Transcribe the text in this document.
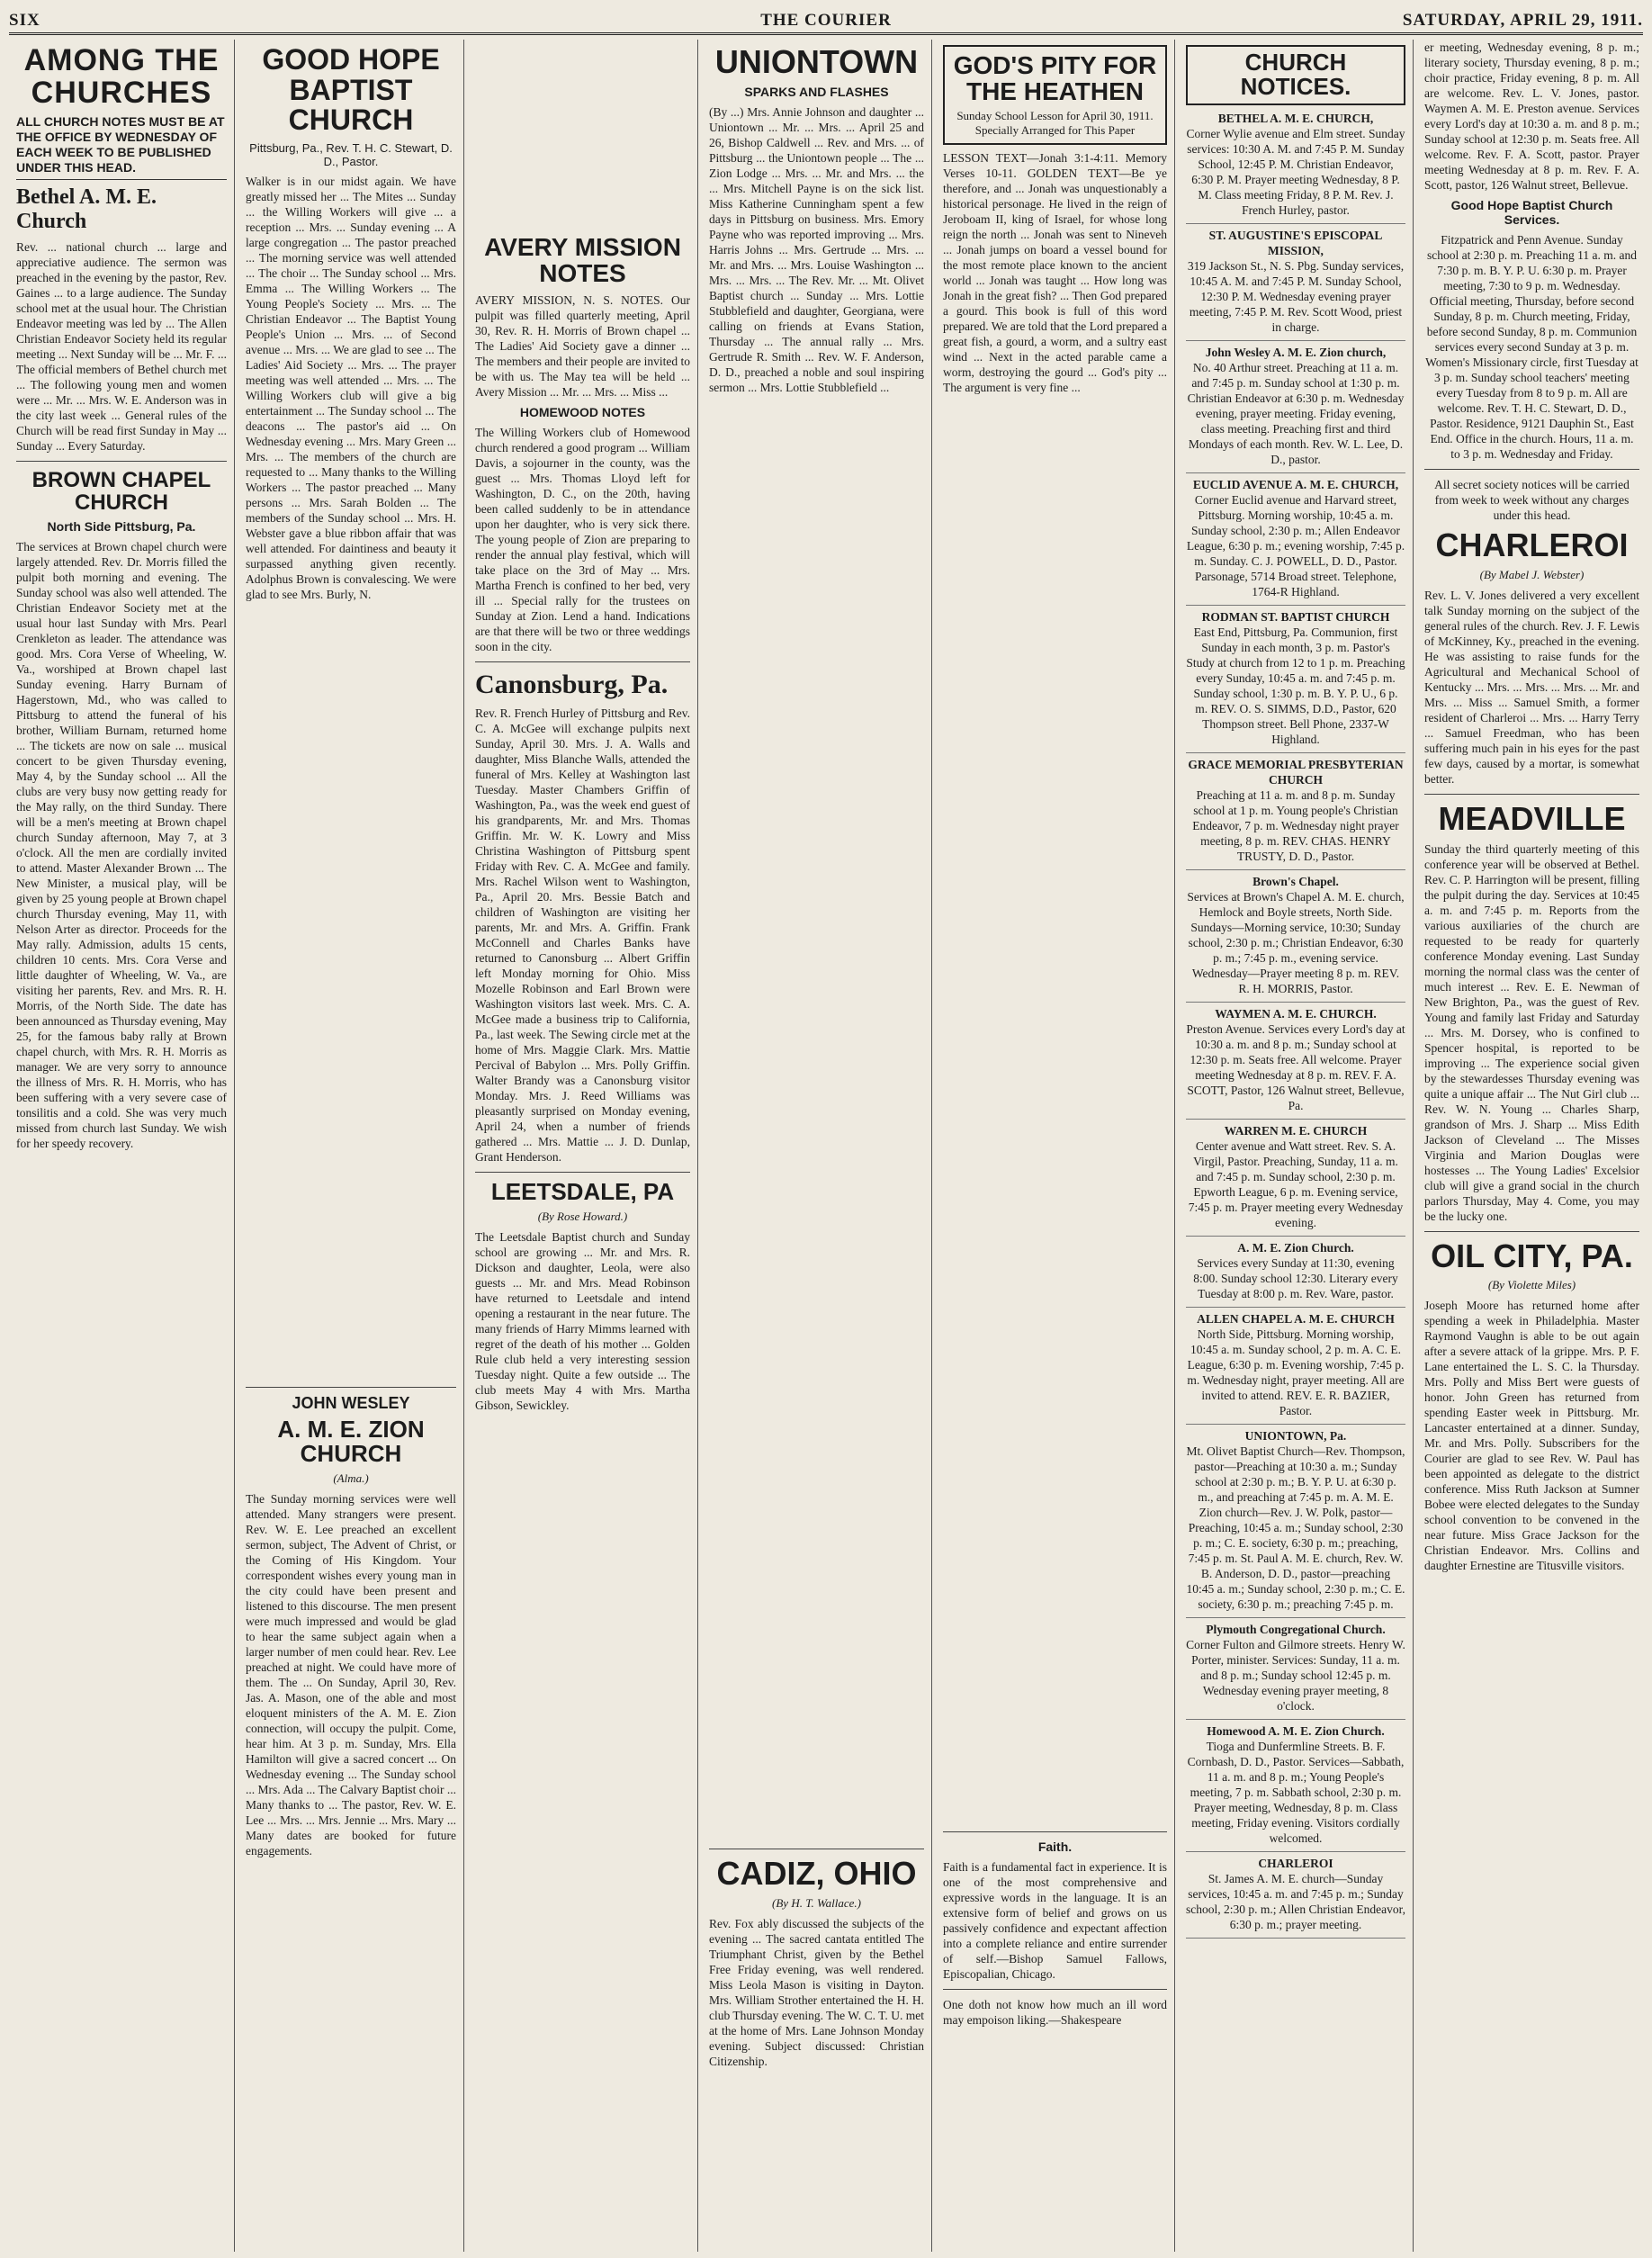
SIX	THE COURIER	SATURDAY, APRIL 29, 1911.
AMONG THE CHURCHES
ALL CHURCH NOTES MUST BE AT THE OFFICE BY WEDNESDAY OF EACH WEEK TO BE PUBLISHED UNDER THIS HEAD.
Bethel A. M. E. Church

Rev. ... national church ... large and appreciative audience. The sermon was preached in the evening by the pastor, Rev. Gaines ... to a large audience. The Sunday school met at the usual hour. The Christian Endeavor meeting was led by ... The Allen Christian Endeavor Society held its regular meeting ... Next Sunday will be ... Mr. F. ... The official members of Bethel church met ... The following young men and women were ... Mr. ... Mrs. W. E. Anderson was in the city last week ... General rules of the Church will be read first Sunday in May ... Sunday ... Every Saturday.

BROWN CHAPEL CHURCH
North Side Pittsburg, Pa.

The services at Brown chapel church were largely attended. Rev. Dr. Morris filled the pulpit both morning and evening. The Sunday school was also well attended. The Christian Endeavor Society met at the usual hour last Sunday with Mrs. Pearl Crenkleton as leader. The attendance was good. Mrs. Cora Verse of Wheeling, W. Va., worshiped at Brown chapel last Sunday evening. Harry Burnam of Hagerstown, Md., who was called to Pittsburg to attend the funeral of his brother, William Burnam, returned home ... The tickets are now on sale ... musical concert to be given Thursday evening, May 4, by the Sunday school ... All the clubs are very busy now getting ready for the May rally, on the third Sunday. There will be a men's meeting at Brown chapel church Sunday afternoon, May 7, at 3 o'clock. All the men are cordially invited to attend. Master Alexander Brown ... The New Minister, a musical play, will be given by 25 young people at Brown chapel church Thursday evening, May 11, with Nelson Arter as director. Proceeds for the May rally. Admission, adults 15 cents, children 10 cents. Mrs. Cora Verse and little daughter of Wheeling, W. Va., are visiting her parents, Rev. and Mrs. R. H. Morris, of the North Side. The date has been announced as Thursday evening, May 25, for the famous baby rally at Brown chapel church, with Mrs. R. H. Morris as manager. We are very sorry to announce the illness of Mrs. R. H. Morris, who has been suffering with a very severe case of tonsilitis and a cold. She was very much missed from church last Sunday. We wish for her speedy recovery.

GOOD HOPE BAPTIST CHURCH
Pittsburg, Pa., Rev. T. H. C. Stewart, D. D., Pastor.

Walker is in our midst again. We have greatly missed her ... The Mites ... Sunday ... the Willing Workers will give ... a reception ... Mrs. ... Sunday evening ... A large congregation ... The pastor preached ... The morning service was well attended ... The choir ... The Sunday school ... Mrs. Emma ... The Willing Workers ... The Young People's Society ... Mrs. ... The Christian Endeavor ... The Baptist Young People's Union ... Mrs. ... of Second avenue ... Mrs. ... We are glad to see ... The Ladies' Aid Society ... Mrs. ... The prayer meeting was well attended ... Mrs. ... The Willing Workers club will give a big entertainment ... The Sunday school ... The deacons ... The pastor's aid ... On Wednesday evening ... Mrs. Mary Green ... Mrs. ... The members of the church are requested to ... Many thanks to the Willing Workers ... The pastor preached ... Many persons ... Mrs. Sarah Bolden ... The members of the Sunday school ... Mrs. H. Webster gave a blue ribbon affair that was well attended. For daintiness and beauty it surpassed anything given recently. Adolphus Brown is convalescing. We were glad to see Mrs. Burly, N.

JOHN WESLEY
A. M. E. ZION CHURCH
(Alma.)

The Sunday morning services were well attended. Many strangers were present. Rev. W. E. Lee preached an excellent sermon, subject, The Advent of Christ, or the Coming of His Kingdom. Your correspondent wishes every young man in the city could have been present and listened to this discourse. The men present were much impressed and would be glad to hear the same subject again when a larger number of men could hear. Rev. Lee preached at night. We could have more of them. The ... On Sunday, April 30, Rev. Jas. A. Mason, one of the able and most eloquent ministers of the A. M. E. Zion connection, will occupy the pulpit. Come, hear him. At 3 p. m. Sunday, Mrs. Ella Hamilton will give a sacred concert ... On Wednesday evening ... The Sunday school ... Mrs. Ada ... The Calvary Baptist choir ... Many thanks to ... The pastor, Rev. W. E. Lee ... Mrs. ... Mrs. Jennie ... Mrs. Mary ... Many dates are booked for future engagements.

AVERY MISSION NOTES

AVERY MISSION, N. S. NOTES. Our pulpit was filled quarterly meeting, April 30, Rev. R. H. Morris of Brown chapel ... The Ladies' Aid Society gave a dinner ... The members and their people are invited to be with us. The May tea will be held ... Avery Mission ... Mr. ... Mrs. ... Miss ...

HOMEWOOD NOTES

The Willing Workers club of Homewood church rendered a good program ... William Davis, a sojourner in the county, was the guest ... Mrs. Thomas Lloyd left for Washington, D. C., on the 20th, having been called suddenly to be in attendance upon her daughter, who is very sick there. The young people of Zion are preparing to render the annual play festival, which will take place on the 3rd of May ... Mrs. Martha French is confined to her bed, very ill ... Special rally for the trustees on Sunday at Zion. Lend a hand. Indications are that there will be two or three weddings soon in the city.

Canonsburg, Pa.

Rev. R. French Hurley of Pittsburg and Rev. C. A. McGee will exchange pulpits next Sunday, April 30. Mrs. J. A. Walls and daughter, Miss Blanche Walls, attended the funeral of Mrs. Kelley at Washington last Tuesday. Master Chambers Griffin of Washington, Pa., was the week end guest of his grandparents, Mr. and Mrs. Thomas Griffin. Mr. W. K. Lowry and Miss Christina Washington of Pittsburg spent Friday with Rev. C. A. McGee and family. Mrs. Rachel Wilson went to Washington, Pa., April 20. Mrs. Bessie Batch and children of Washington are visiting her parents, Mr. and Mrs. A. Griffin. Frank McConnell and Charles Banks have returned to Canonsburg ... Albert Griffin left Monday morning for Ohio. Miss Mozelle Robinson and Earl Brown were Washington visitors last week. Mrs. C. A. McGee made a business trip to California, Pa., last week. The Sewing circle met at the home of Mrs. Maggie Clark. Mrs. Mattie Percival of Babylon ... Mrs. Polly Griffin. Walter Brandy was a Canonsburg visitor Monday. Mrs. J. Reed Williams was pleasantly surprised on Monday evening, April 24, when a number of friends gathered ... Mrs. Mattie ... J. D. Dunlap, Grant Henderson.

LEETSDALE, PA
(By Rose Howard.)

The Leetsdale Baptist church and Sunday school are growing ... Mr. and Mrs. R. Dickson and daughter, Leola, were also guests ... Mr. and Mrs. Mead Robinson have returned to Leetsdale and intend opening a restaurant in the near future. The many friends of Harry Mimms learned with regret of the death of his mother ... Golden Rule club held a very interesting session Tuesday night. Quite a few outside ... The club meets May 4 with Mrs. Martha Gibson, Sewickley.

UNIONTOWN
SPARKS AND FLASHES

(By ...) Mrs. Annie Johnson and daughter ... Uniontown ... Mr. ... Mrs. ... April 25 and 26, Bishop Caldwell ... Rev. and Mrs. ... of Pittsburg ... the Uniontown people ... The ... Zion Lodge ... Mrs. ... Mr. and Mrs. ... the ... Mrs. Mitchell Payne is on the sick list. Miss Katherine Cunningham spent a few days in Pittsburg on business. Mrs. Emory Payne who was reported improving ... Mrs. Harris Johns ... Mrs. Gertrude ... Mrs. ... Mr. and Mrs. ... Mrs. Louise Washington ... Mrs. ... Mrs. ... The Rev. Mr. ... Mt. Olivet Baptist church ... Sunday ... Mrs. Lottie Stubblefield and daughter, Georgiana, were calling on friends at Evans Station, Thursday ... The annual rally ... Mrs. Gertrude R. Smith ... Rev. W. F. Anderson, D. D., preached a noble and soul inspiring sermon ... Mrs. Lottie Stubblefield ...

CADIZ, OHIO
(By H. T. Wallace.)

Rev. Fox ably discussed the subjects of the evening ... The sacred cantata entitled The Triumphant Christ, given by the Bethel Free Friday evening, was well rendered. Miss Leola Mason is visiting in Dayton. Mrs. William Strother entertained the H. H. club Thursday evening. The W. C. T. U. met at the home of Mrs. Lane Johnson Monday evening. Subject discussed: Christian Citizenship.

GOD'S PITY FOR THE HEATHEN
Sunday School Lesson for April 30, 1911. Specially Arranged for This Paper

LESSON TEXT—Jonah 3:1-4:11. Memory Verses 10-11. GOLDEN TEXT—Be ye therefore, and ... Jonah was unquestionably a historical personage. He lived in the reign of Jeroboam II, king of Israel, for whose long reign the north ... Jonah was sent to Nineveh ... Jonah jumps on board a vessel bound for the most remote place known to the ancient world ... Jonah was taught ... How long was Jonah in the great fish? ... Then God prepared a gourd. This book is full of this word prepared. We are told that the Lord prepared a great fish, a gourd, a worm, and a sultry east wind ... Next in the acted parable came a worm, destroying the gourd ... God's pity ... The argument is very fine ...

Faith.

Faith is a fundamental fact in experience. It is one of the most comprehensive and expressive words in the language. It is an extensive form of belief and grows on us passively confidence and expectant affection into a complete reliance and entire surrender of self.—Bishop Samuel Fallows, Episcopalian, Chicago.

One doth not know how much an ill word may empoison liking.—Shakespeare

CHURCH NOTICES.
BETHEL A. M. E. CHURCH,
Corner Wylie avenue and Elm street. Sunday services: 10:30 A. M. and 7:45 P. M. Sunday School, 12:45 P. M. Christian Endeavor, 6:30 P. M. Prayer meeting Wednesday, 8 P. M. Class meeting Friday, 8 P. M. Rev. J. French Hurley, pastor.
ST. AUGUSTINE'S EPISCOPAL MISSION,
319 Jackson St., N. S. Pbg. Sunday services, 10:45 A. M. and 7:45 P. M. Sunday School, 12:30 P. M. Wednesday evening prayer meeting, 7:45 P. M. Rev. Scott Wood, priest in charge.
John Wesley A. M. E. Zion church,
No. 40 Arthur street. Preaching at 11 a. m. and 7:45 p. m. Sunday school at 1:30 p. m. Christian Endeavor at 6:30 p. m. Wednesday evening, prayer meeting. Friday evening, class meeting. Preaching first and third Mondays of each month. Rev. W. L. Lee, D. D., pastor.
EUCLID AVENUE A. M. E. CHURCH,
Corner Euclid avenue and Harvard street, Pittsburg. Morning worship, 10:45 a. m. Sunday school, 2:30 p. m.; Allen Endeavor League, 6:30 p. m.; evening worship, 7:45 p. m. Sunday. C. J. POWELL, D. D., Pastor. Parsonage, 5714 Broad street. Telephone, 1764-R Highland.
RODMAN ST. BAPTIST CHURCH
East End, Pittsburg, Pa. Communion, first Sunday in each month, 3 p. m. Pastor's Study at church from 12 to 1 p. m. Preaching every Sunday, 10:45 a. m. and 7:45 p. m. Sunday school, 1:30 p. m. B. Y. P. U., 6 p. m. REV. O. S. SIMMS, D.D., Pastor, 620 Thompson street. Bell Phone, 2337-W Highland.
GRACE MEMORIAL PRESBYTERIAN CHURCH
Preaching at 11 a. m. and 8 p. m. Sunday school at 1 p. m. Young people's Christian Endeavor, 7 p. m. Wednesday night prayer meeting, 8 p. m. REV. CHAS. HENRY TRUSTY, D. D., Pastor.
Brown's Chapel.
Services at Brown's Chapel A. M. E. church, Hemlock and Boyle streets, North Side. Sundays—Morning service, 10:30; Sunday school, 2:30 p. m.; Christian Endeavor, 6:30 p. m.; 7:45 p. m., evening service. Wednesday—Prayer meeting 8 p. m. REV. R. H. MORRIS, Pastor.
WAYMEN A. M. E. CHURCH.
Preston Avenue. Services every Lord's day at 10:30 a. m. and 8 p. m.; Sunday school at 12:30 p. m. Seats free. All welcome. Prayer meeting Wednesday at 8 p. m. REV. F. A. SCOTT, Pastor, 126 Walnut street, Bellevue, Pa.
WARREN M. E. CHURCH
Center avenue and Watt street. Rev. S. A. Virgil, Pastor. Preaching, Sunday, 11 a. m. and 7:45 p. m. Sunday school, 2:30 p. m. Epworth League, 6 p. m. Evening service, 7:45 p. m. Prayer meeting every Wednesday evening.
A. M. E. Zion Church.
Services every Sunday at 11:30, evening 8:00. Sunday school 12:30. Literary every Tuesday at 8:00 p. m. Rev. Ware, pastor.
ALLEN CHAPEL A. M. E. CHURCH
North Side, Pittsburg. Morning worship, 10:45 a. m. Sunday school, 2 p. m. A. C. E. League, 6:30 p. m. Evening worship, 7:45 p. m. Wednesday night, prayer meeting. All are invited to attend. REV. E. R. BAZIER, Pastor.
UNIONTOWN, Pa.
Mt. Olivet Baptist Church—Rev. Thompson, pastor—Preaching at 10:30 a. m.; Sunday school at 2:30 p. m.; B. Y. P. U. at 6:30 p. m., and preaching at 7:45 p. m. A. M. E. Zion church—Rev. J. W. Polk, pastor—Preaching, 10:45 a. m.; Sunday school, 2:30 p. m.; C. E. society, 6:30 p. m.; preaching, 7:45 p. m. St. Paul A. M. E. church, Rev. W. B. Anderson, D. D., pastor—preaching 10:45 a. m.; Sunday school, 2:30 p. m.; C. E. society, 6:30 p. m.; preaching 7:45 p. m.
Plymouth Congregational Church.
Corner Fulton and Gilmore streets. Henry W. Porter, minister. Services: Sunday, 11 a. m. and 8 p. m.; Sunday school 12:45 p. m. Wednesday evening prayer meeting, 8 o'clock.
Homewood A. M. E. Zion Church.
Tioga and Dunfermline Streets. B. F. Cornbash, D. D., Pastor. Services—Sabbath, 11 a. m. and 8 p. m.; Young People's meeting, 7 p. m. Sabbath school, 2:30 p. m. Prayer meeting, Wednesday, 8 p. m. Class meeting, Friday evening. Visitors cordially welcomed.
CHARLEROI
St. James A. M. E. church—Sunday services, 10:45 a. m. and 7:45 p. m.; Sunday school, 2:30 p. m.; Allen Christian Endeavor, 6:30 p. m.; prayer meeting.

er meeting, Wednesday evening, 8 p. m.; literary society, Thursday evening, 8 p. m.; choir practice, Friday evening, 8 p. m. All are welcome. Rev. L. V. Jones, pastor. Waymen A. M. E. Preston avenue. Services every Lord's day at 10:30 a. m. and 8 p. m.; Sunday school at 12:30 p. m. Seats free. All welcome. Rev. F. A. Scott, pastor. Prayer meeting Wednesday at 8 p. m. Rev. F. A. Scott, pastor, 126 Walnut street, Bellevue.

Good Hope Baptist Church Services.

Fitzpatrick and Penn Avenue. Sunday school at 2:30 p. m. Preaching 11 a. m. and 7:30 p. m. B. Y. P. U. 6:30 p. m. Prayer meeting, 7:30 to 9 p. m. Wednesday. Official meeting, Thursday, before second Sunday, 8 p. m. Church meeting, Friday, before second Sunday, 8 p. m. Communion services every second Sunday at 3 p. m. Women's Missionary circle, first Tuesday at 3 p. m. Sunday school teachers' meeting every Tuesday from 8 to 9 p. m. All are welcome. Rev. T. H. C. Stewart, D. D., Pastor. Residence, 9121 Dauphin St., East End. Office in the church. Hours, 11 a. m. to 3 p. m. Wednesday and Friday.

All secret society notices will be carried from week to week without any charges under this head.

CHARLEROI
(By Mabel J. Webster)

Rev. L. V. Jones delivered a very excellent talk Sunday morning on the subject of the general rules of the church. Rev. J. F. Lewis of McKinney, Ky., preached in the evening. He was assisting to raise funds for the Agricultural and Mechanical School of Kentucky ... Mrs. ... Mrs. ... Mrs. ... Mr. and Mrs. ... Miss ... Samuel Smith, a former resident of Charleroi ... Mrs. ... Harry Terry ... Samuel Freedman, who has been suffering much pain in his eyes for the past few days, caused by a mortar, is somewhat better.

MEADVILLE

Sunday the third quarterly meeting of this conference year will be observed at Bethel. Rev. C. P. Harrington will be present, filling the pulpit during the day. Services at 10:45 a. m. and 7:45 p. m. Reports from the various auxiliaries of the church are requested to be ready for quarterly conference Monday evening. Last Sunday morning the normal class was the center of much interest ... Rev. E. E. Newman of New Brighton, Pa., was the guest of Rev. Young and family last Friday and Saturday ... Mrs. M. Dorsey, who is confined to Spencer hospital, is reported to be improving ... The experience social given by the stewardesses Thursday evening was quite a unique affair ... The Nut Girl club ... Rev. W. N. Young ... Charles Sharp, grandson of Mrs. J. Sharp ... Miss Edith Jackson of Cleveland ... The Misses Virginia and Marion Douglas were hostesses ... The Young Ladies' Excelsior club will give a grand social in the church parlors Thursday, May 4. Come, you may be the lucky one.

OIL CITY, PA.
(By Violette Miles)

Joseph Moore has returned home after spending a week in Philadelphia. Master Raymond Vaughn is able to be out again after a severe attack of la grippe. Mrs. P. F. Lane entertained the L. S. C. la Thursday. Mrs. Polly and Miss Bert were guests of honor. John Green has returned from spending Easter week in Pittsburg. Mr. Lancaster entertained at a dinner. Sunday, Mr. and Mrs. Polly. Subscribers for the Courier are glad to see Rev. W. Paul has been appointed as delegate to the district conference. Miss Ruth Jackson at Sumner Bobee were elected delegates to the Sunday school convention to be convened in the near future. Miss Grace Jackson for the Christian Endeavor. Mrs. Collins and daughter Ernestine are Titusville visitors.
